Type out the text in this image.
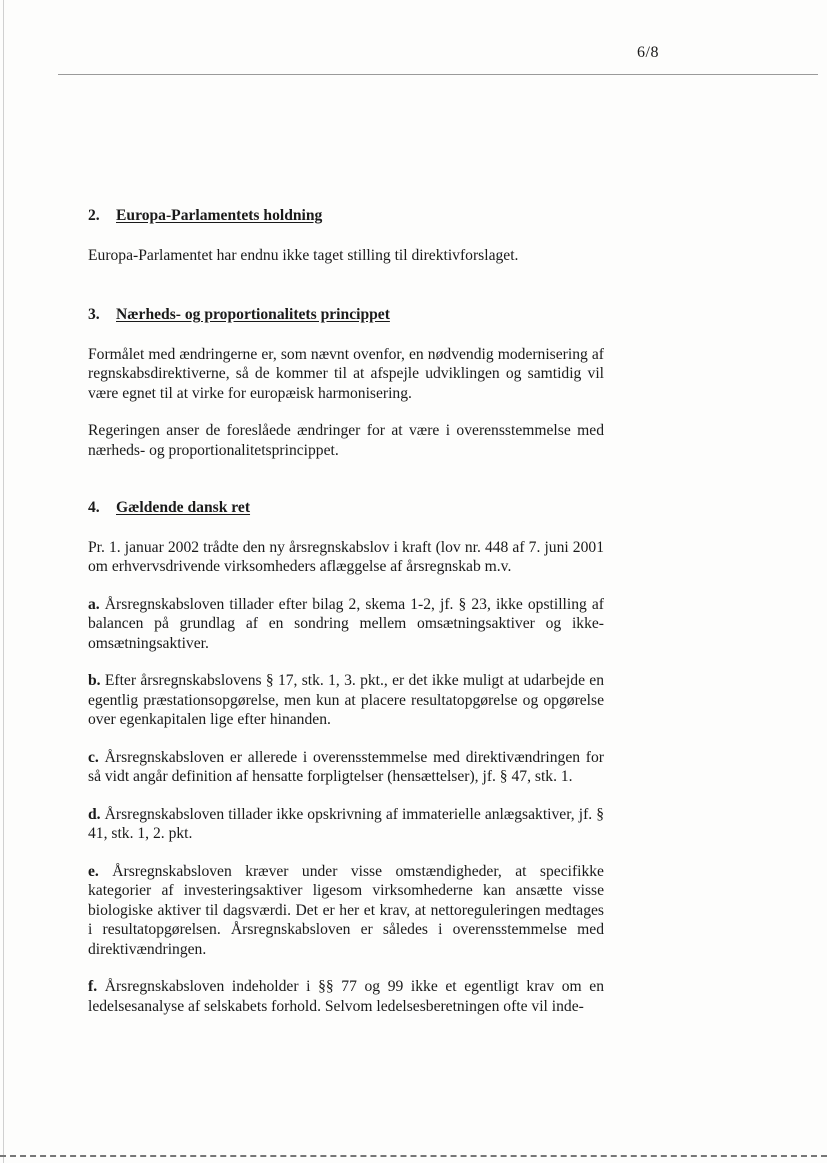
6/8
2. Europa-Parlamentets holdning

Europa-Parlamentet har endnu ikke taget stilling til direktivforslaget.

3. Nærheds- og proportionalitets princippet

Formålet med ændringerne er, som nævnt ovenfor, en nødvendig modernisering af regnskabsdirektiverne, så de kommer til at afspejle udviklingen og samtidig vil være egnet til at virke for europæisk harmonisering.

Regeringen anser de foreslåede ændringer for at være i overensstemmelse med nærheds- og proportionalitetsprincippet.

4. Gældende dansk ret

Pr. 1. januar 2002 trådte den ny årsregnskabslov i kraft (lov nr. 448 af 7. juni 2001 om erhvervsdrivende virksomheders aflæggelse af årsregnskab m.v.

a. Årsregnskabsloven tillader efter bilag 2, skema 1-2, jf. § 23, ikke opstilling af balancen på grundlag af en sondring mellem omsætningsaktiver og ikke-omsætningsaktiver.

b. Efter årsregnskabslovens § 17, stk. 1, 3. pkt., er det ikke muligt at udarbejde en egentlig præstationsopgørelse, men kun at placere resultatopgørelse og opgørelse over egenkapitalen lige efter hinanden.

c. Årsregnskabsloven er allerede i overensstemmelse med direktivændringen for så vidt angår definition af hensatte forpligtelser (hensættelser), jf. § 47, stk. 1.

d. Årsregnskabsloven tillader ikke opskrivning af immaterielle anlægsaktiver, jf. § 41, stk. 1, 2. pkt.

e. Årsregnskabsloven kræver under visse omstændigheder, at specifikke kategorier af investeringsaktiver ligesom virksomhederne kan ansætte visse biologiske aktiver til dagsværdi. Det er her et krav, at nettoreguleringen medtages i resultatopgørelsen. Årsregnskabsloven er således i overensstemmelse med direktivændringen.

f. Årsregnskabsloven indeholder i §§ 77 og 99 ikke et egentligt krav om en ledelsesanalyse af selskabets forhold. Selvom ledelsesberetningen ofte vil inde-
